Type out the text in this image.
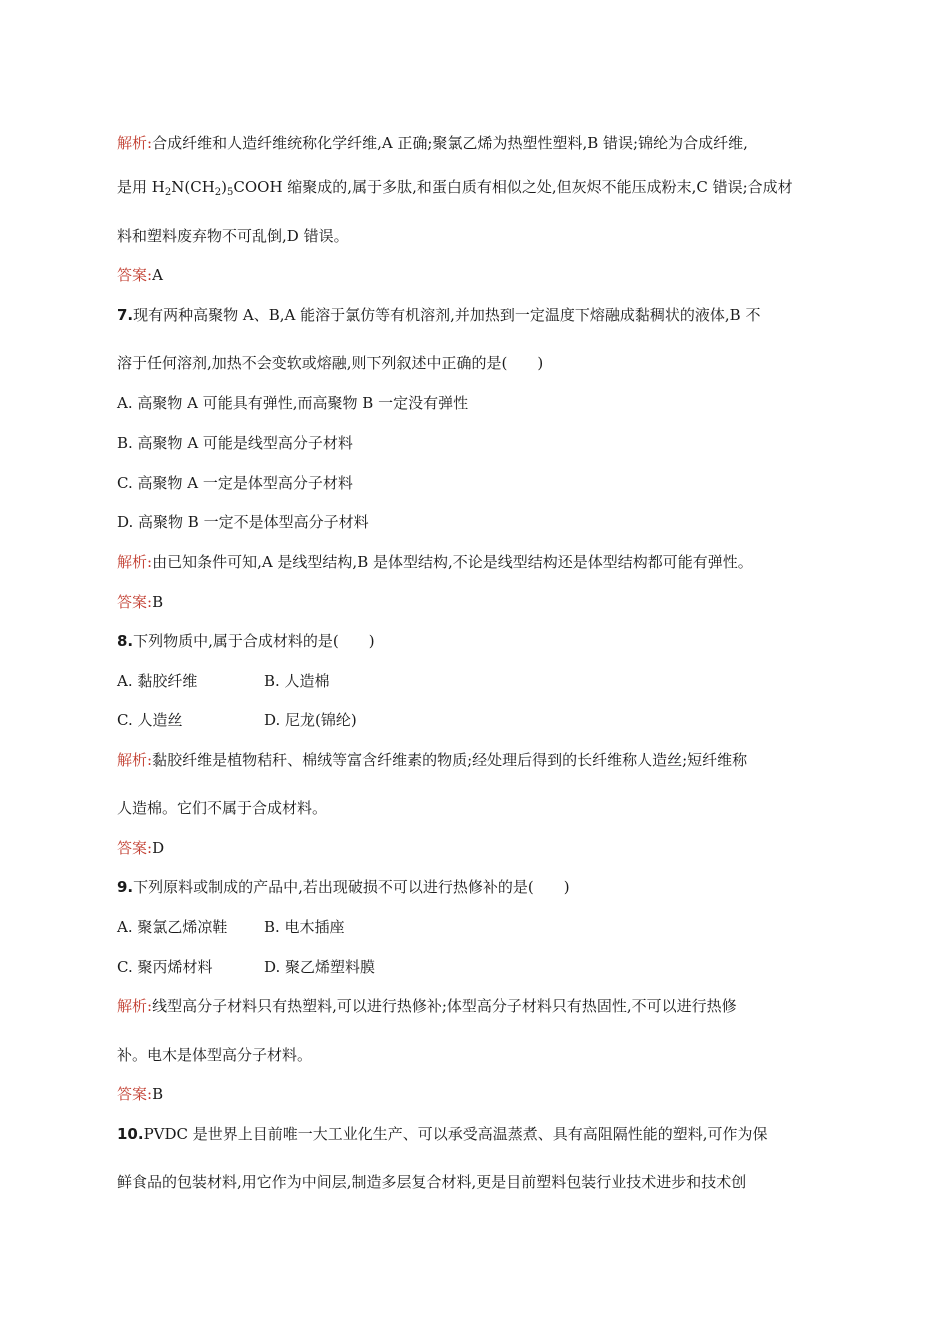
解析:合成纤维和人造纤维统称化学纤维,A 正确;聚氯乙烯为热塑性塑料,B 错误;锦纶为合成纤维,
是用 $H_2N(CH_2)_5COOH$ 缩聚成的,属于多肽,和蛋白质有相似之处,但灰烬不能压成粉末,C 错误;合成材
料和塑料废弃物不可乱倒,D 错误。
答案:A
7.现有两种高聚物 A、B,A 能溶于氯仿等有机溶剂,并加热到一定温度下熔融成黏稠状的液体,B 不
溶于任何溶剂,加热不会变软或熔融,则下列叙述中正确的是(　　)
A. 高聚物 A 可能具有弹性,而高聚物 B 一定没有弹性
B. 高聚物 A 可能是线型高分子材料
C. 高聚物 A 一定是体型高分子材料
D. 高聚物 B 一定不是体型高分子材料
解析:由已知条件可知,A 是线型结构,B 是体型结构,不论是线型结构还是体型结构都可能有弹性。
答案:B
8.下列物质中,属于合成材料的是(　　)
A. 黏胶纤维	B. 人造棉
C. 人造丝	D. 尼龙(锦纶)
解析:黏胶纤维是植物秸秆、棉绒等富含纤维素的物质;经处理后得到的长纤维称人造丝;短纤维称
人造棉。它们不属于合成材料。
答案:D
9.下列原料或制成的产品中,若出现破损不可以进行热修补的是(　　)
A. 聚氯乙烯凉鞋 B. 电木插座
C. 聚丙烯材料	D. 聚乙烯塑料膜
解析:线型高分子材料只有热塑料,可以进行热修补;体型高分子材料只有热固性,不可以进行热修
补。电木是体型高分子材料。
答案:B
10.PVDC 是世界上目前唯一大工业化生产、可以承受高温蒸煮、具有高阻隔性能的塑料,可作为保
鲜食品的包装材料,用它作为中间层,制造多层复合材料,更是目前塑料包装行业技术进步和技术创
